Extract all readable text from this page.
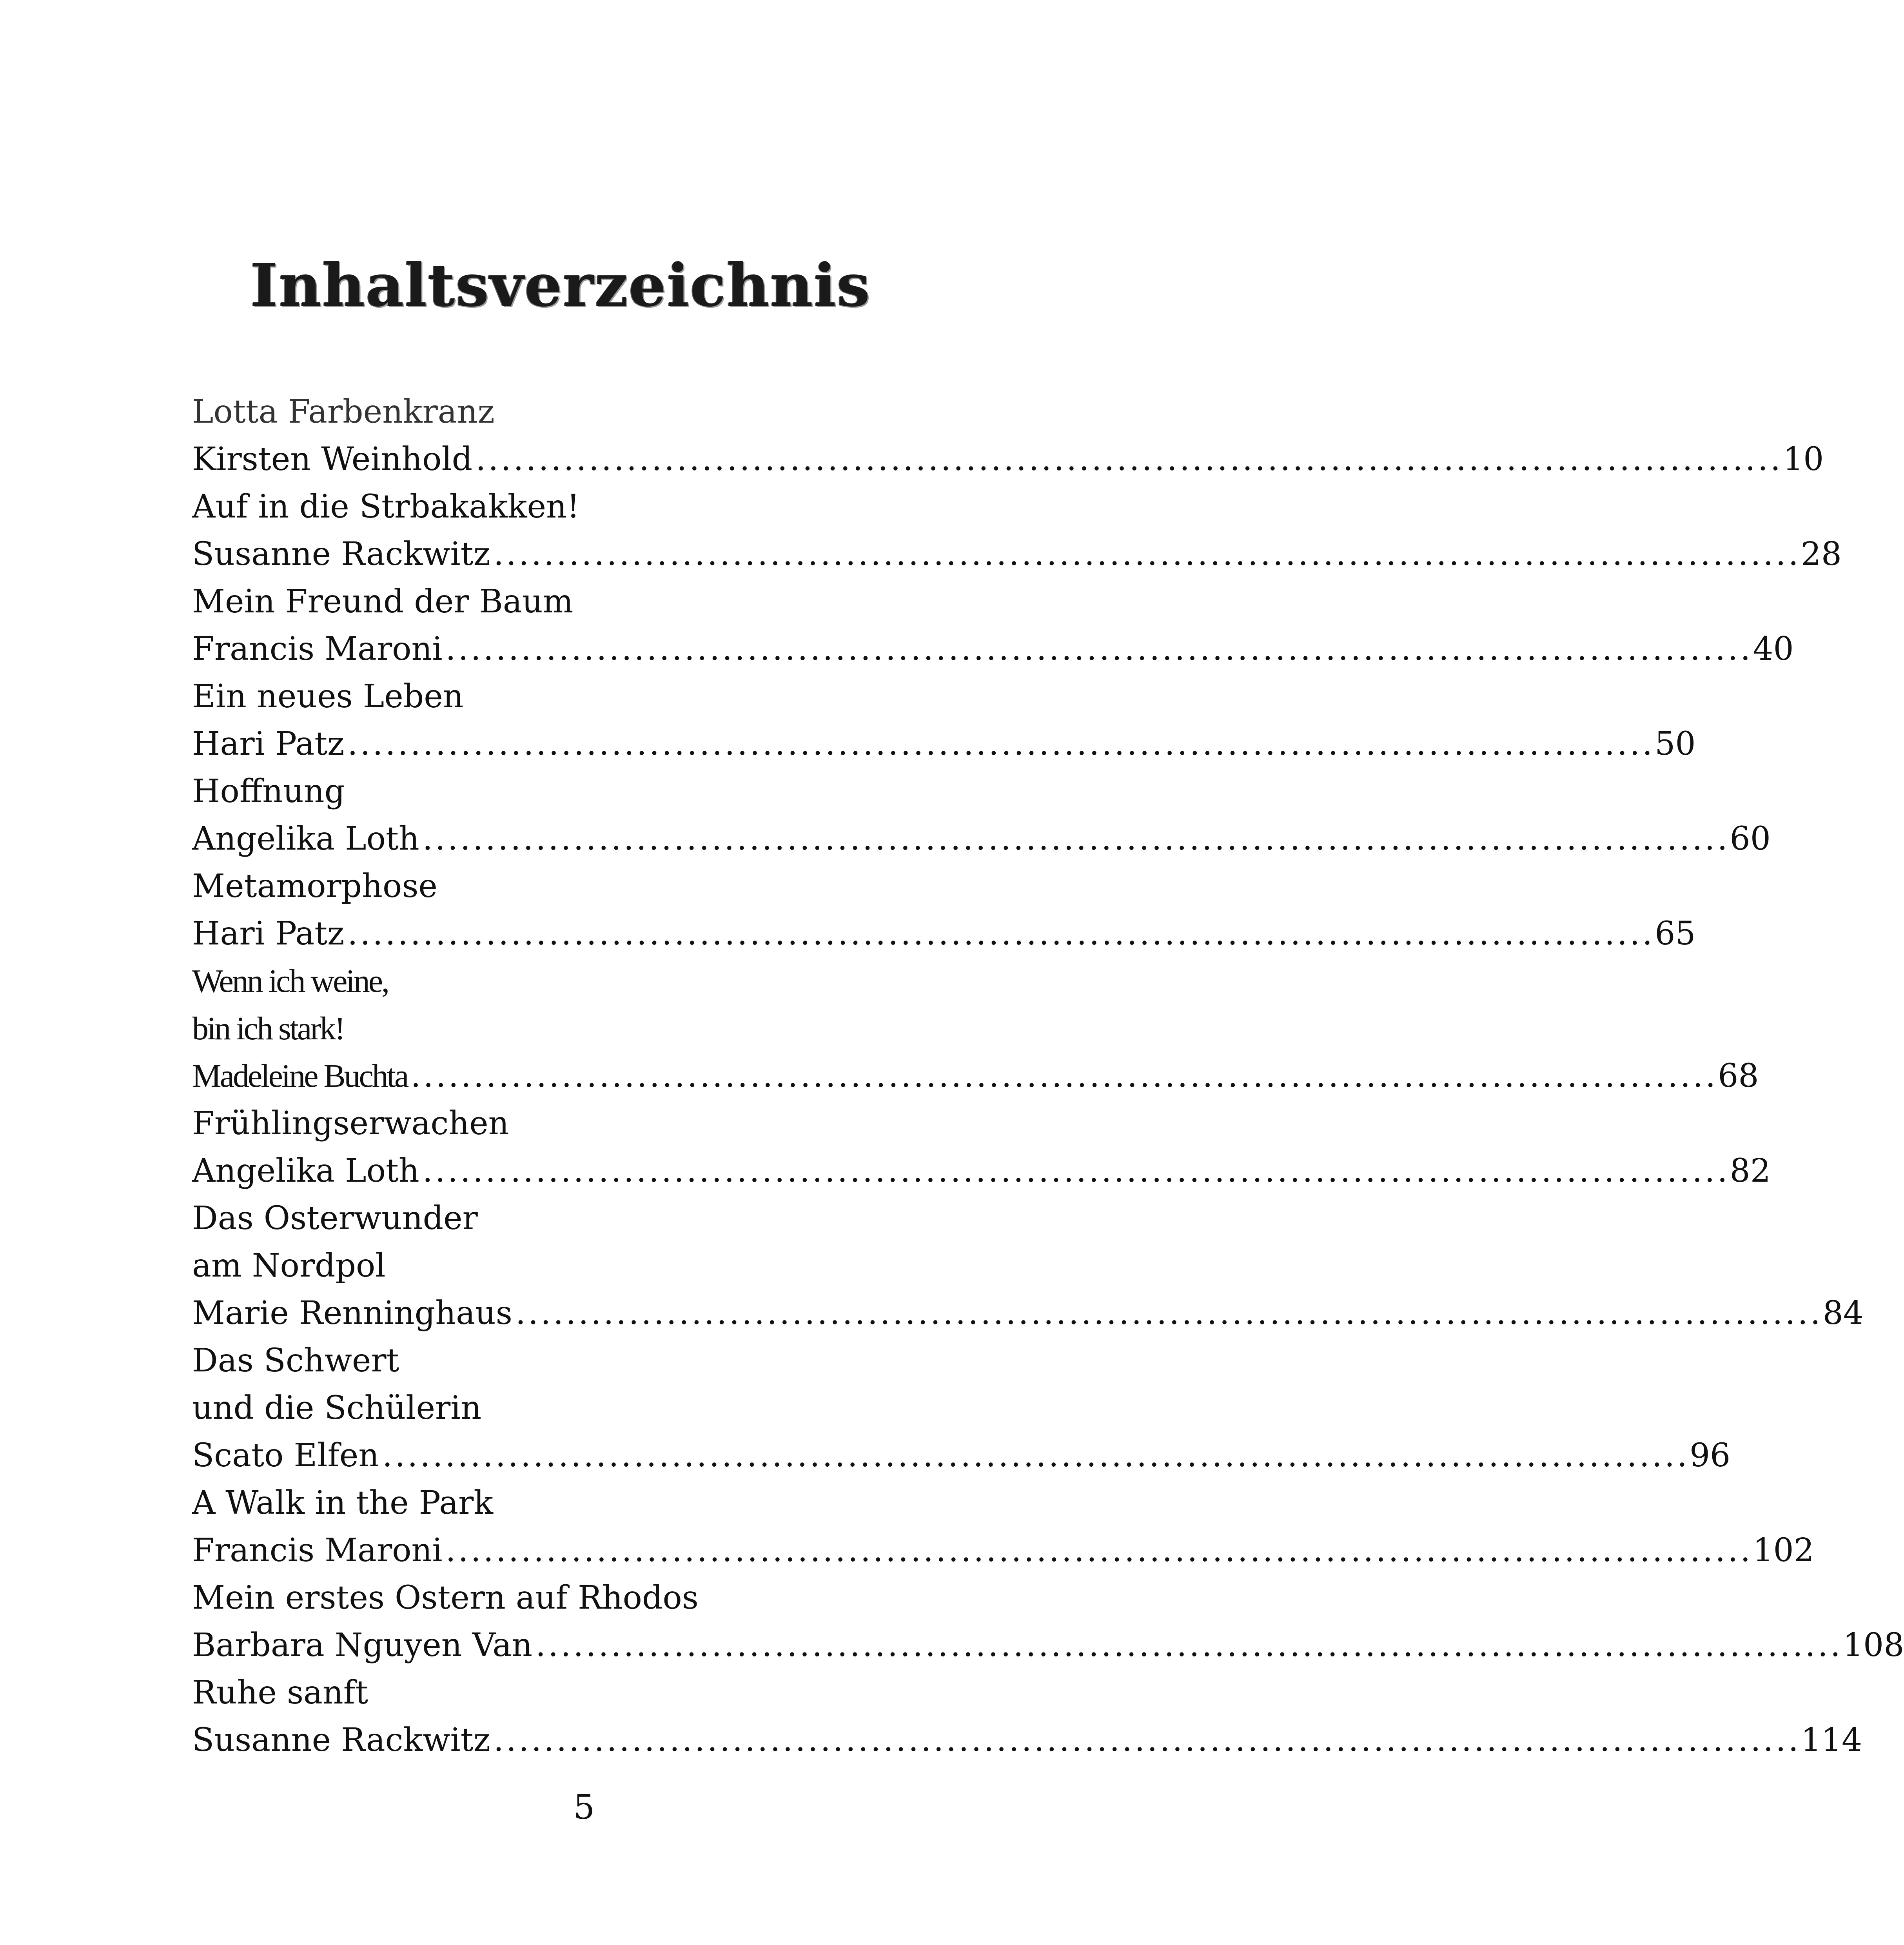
Inhaltsverzeichnis
Lotta Farbenkranz
Kirsten Weinhold ........................................................................................................ 10
Auf in die Strbakakken!
Susanne Rackwitz ........................................................................................................ 28
Mein Freund der Baum
Francis Maroni ........................................................................................................ 40
Ein neues Leben
Hari Patz ........................................................................................................ 50
Hoffnung
Angelika Loth ........................................................................................................ 60
Metamorphose
Hari Patz ........................................................................................................ 65
Wenn ich weine,
bin ich stark!
Madeleine Buchta ........................................................................................................ 68
Frühlingserwachen
Angelika Loth ........................................................................................................ 82
Das Osterwunder
am Nordpol
Marie Renninghaus ........................................................................................................ 84
Das Schwert
und die Schülerin
Scato Elfen ........................................................................................................ 96
A Walk in the Park
Francis Maroni ........................................................................................................ 102
Mein erstes Ostern auf Rhodos
Barbara Nguyen Van ........................................................................................................ 108
Ruhe sanft
Susanne Rackwitz ........................................................................................................ 114
5
